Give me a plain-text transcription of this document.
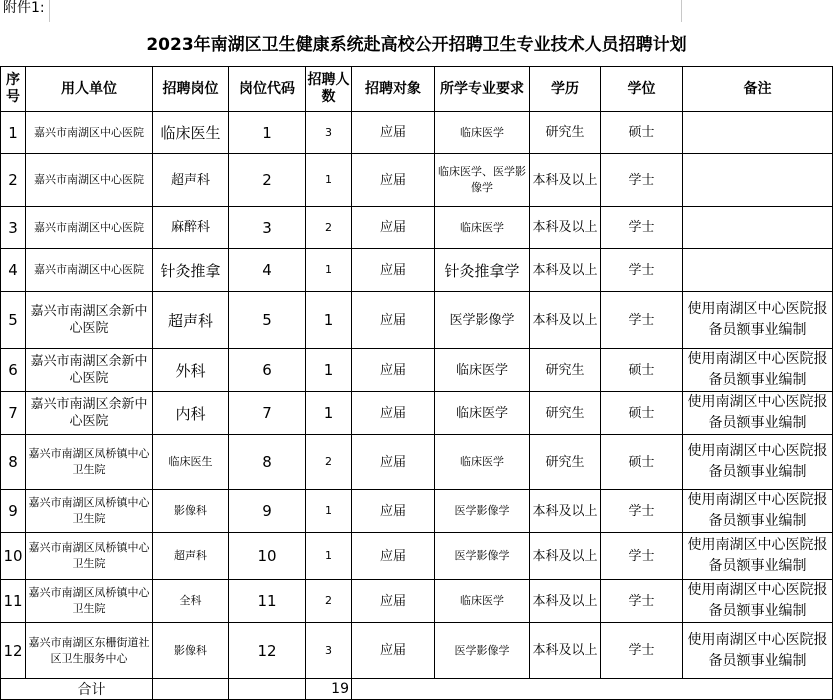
附件1:
2023年南湖区卫生健康系统赴高校公开招聘卫生专业技术人员招聘计划
序号	用人单位	招聘岗位	岗位代码	招聘人数	招聘对象	所学专业要求	学历	学位	备注
1	嘉兴市南湖区中心医院	临床医生	1	3	应届	临床医学	研究生	硕士	
2	嘉兴市南湖区中心医院	超声科	2	1	应届	临床医学、医学影像学	本科及以上	学士	
3	嘉兴市南湖区中心医院	麻醉科	3	2	应届	临床医学	本科及以上	学士	
4	嘉兴市南湖区中心医院	针灸推拿	4	1	应届	针灸推拿学	本科及以上	学士	
5	嘉兴市南湖区余新中心医院	超声科	5	1	应届	医学影像学	本科及以上	学士	使用南湖区中心医院报备员额事业编制
6	嘉兴市南湖区余新中心医院	外科	6	1	应届	临床医学	研究生	硕士	使用南湖区中心医院报备员额事业编制
7	嘉兴市南湖区余新中心医院	内科	7	1	应届	临床医学	研究生	硕士	使用南湖区中心医院报备员额事业编制
8	嘉兴市南湖区凤桥镇中心卫生院	临床医生	8	2	应届	临床医学	研究生	硕士	使用南湖区中心医院报备员额事业编制
9	嘉兴市南湖区凤桥镇中心卫生院	影像科	9	1	应届	医学影像学	本科及以上	学士	使用南湖区中心医院报备员额事业编制
10	嘉兴市南湖区凤桥镇中心卫生院	超声科	10	1	应届	医学影像学	本科及以上	学士	使用南湖区中心医院报备员额事业编制
11	嘉兴市南湖区凤桥镇中心卫生院	全科	11	2	应届	临床医学	本科及以上	学士	使用南湖区中心医院报备员额事业编制
12	嘉兴市南湖区东栅街道社区卫生服务中心	影像科	12	3	应届	医学影像学	本科及以上	学士	使用南湖区中心医院报备员额事业编制
合计				19					
